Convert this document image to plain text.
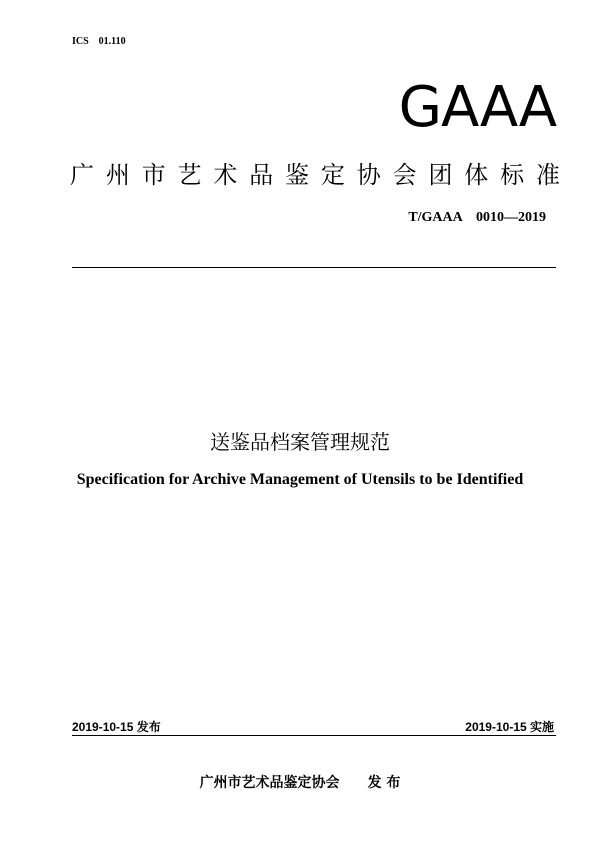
ICS    01.110
GAAA
广 州 市 艺 术 品 鉴 定 协 会 团 体 标 准
T/GAAA    0010—2019
送鉴品档案管理规范
Specification for Archive Management of Utensils to be Identified
2019-10-15 发布	2019-10-15 实施
广州市艺术品鉴定协会 发 布
